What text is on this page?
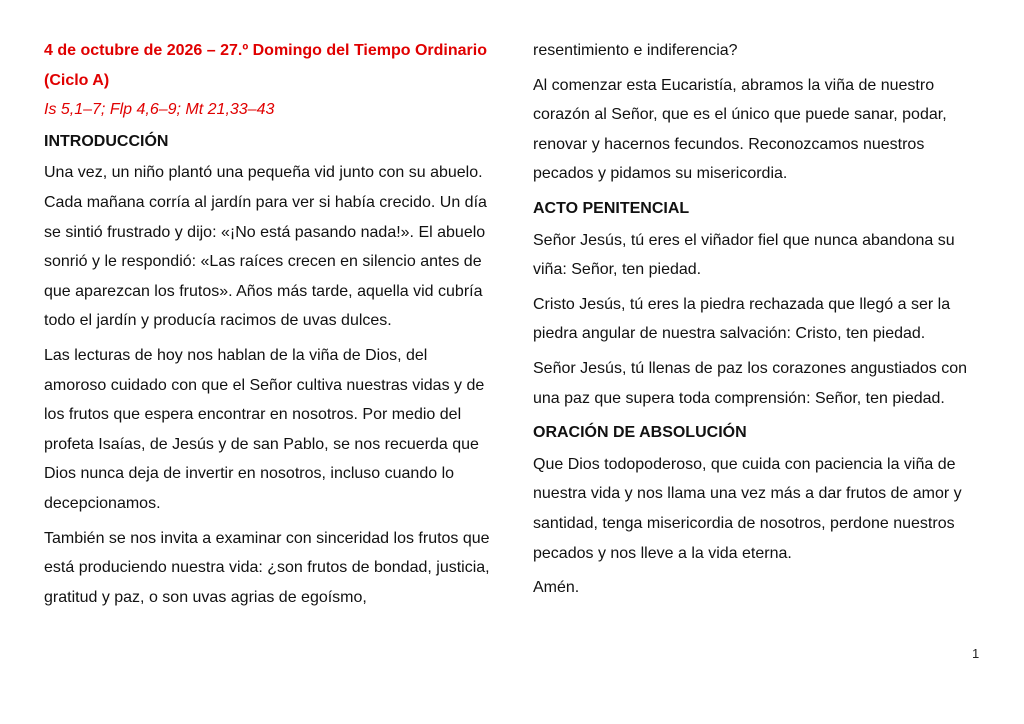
4 de octubre de 2026 – 27.º Domingo del Tiempo Ordinario (Ciclo A)

Is 5,1–7; Flp 4,6–9; Mt 21,33–43

INTRODUCCIÓN

Una vez, un niño plantó una pequeña vid junto con su abuelo. Cada mañana corría al jardín para ver si había crecido. Un día se sintió frustrado y dijo: «¡No está pasando nada!». El abuelo sonrió y le respondió: «Las raíces crecen en silencio antes de que aparezcan los frutos». Años más tarde, aquella vid cubría todo el jardín y producía racimos de uvas dulces.

Las lecturas de hoy nos hablan de la viña de Dios, del amoroso cuidado con que el Señor cultiva nuestras vidas y de los frutos que espera encontrar en nosotros. Por medio del profeta Isaías, de Jesús y de san Pablo, se nos recuerda que Dios nunca deja de invertir en nosotros, incluso cuando lo decepcionamos.

También se nos invita a examinar con sinceridad los frutos que está produciendo nuestra vida: ¿son frutos de bondad, justicia, gratitud y paz, o son uvas agrias de egoísmo,

resentimiento e indiferencia?

Al comenzar esta Eucaristía, abramos la viña de nuestro corazón al Señor, que es el único que puede sanar, podar, renovar y hacernos fecundos. Reconozcamos nuestros pecados y pidamos su misericordia.

ACTO PENITENCIAL

Señor Jesús, tú eres el viñador fiel que nunca abandona su viña: Señor, ten piedad.

Cristo Jesús, tú eres la piedra rechazada que llegó a ser la piedra angular de nuestra salvación: Cristo, ten piedad.

Señor Jesús, tú llenas de paz los corazones angustiados con una paz que supera toda comprensión: Señor, ten piedad.

ORACIÓN DE ABSOLUCIÓN

Que Dios todopoderoso, que cuida con paciencia la viña de nuestra vida y nos llama una vez más a dar frutos de amor y santidad, tenga misericordia de nosotros, perdone nuestros pecados y nos lleve a la vida eterna.

Amén.

1
